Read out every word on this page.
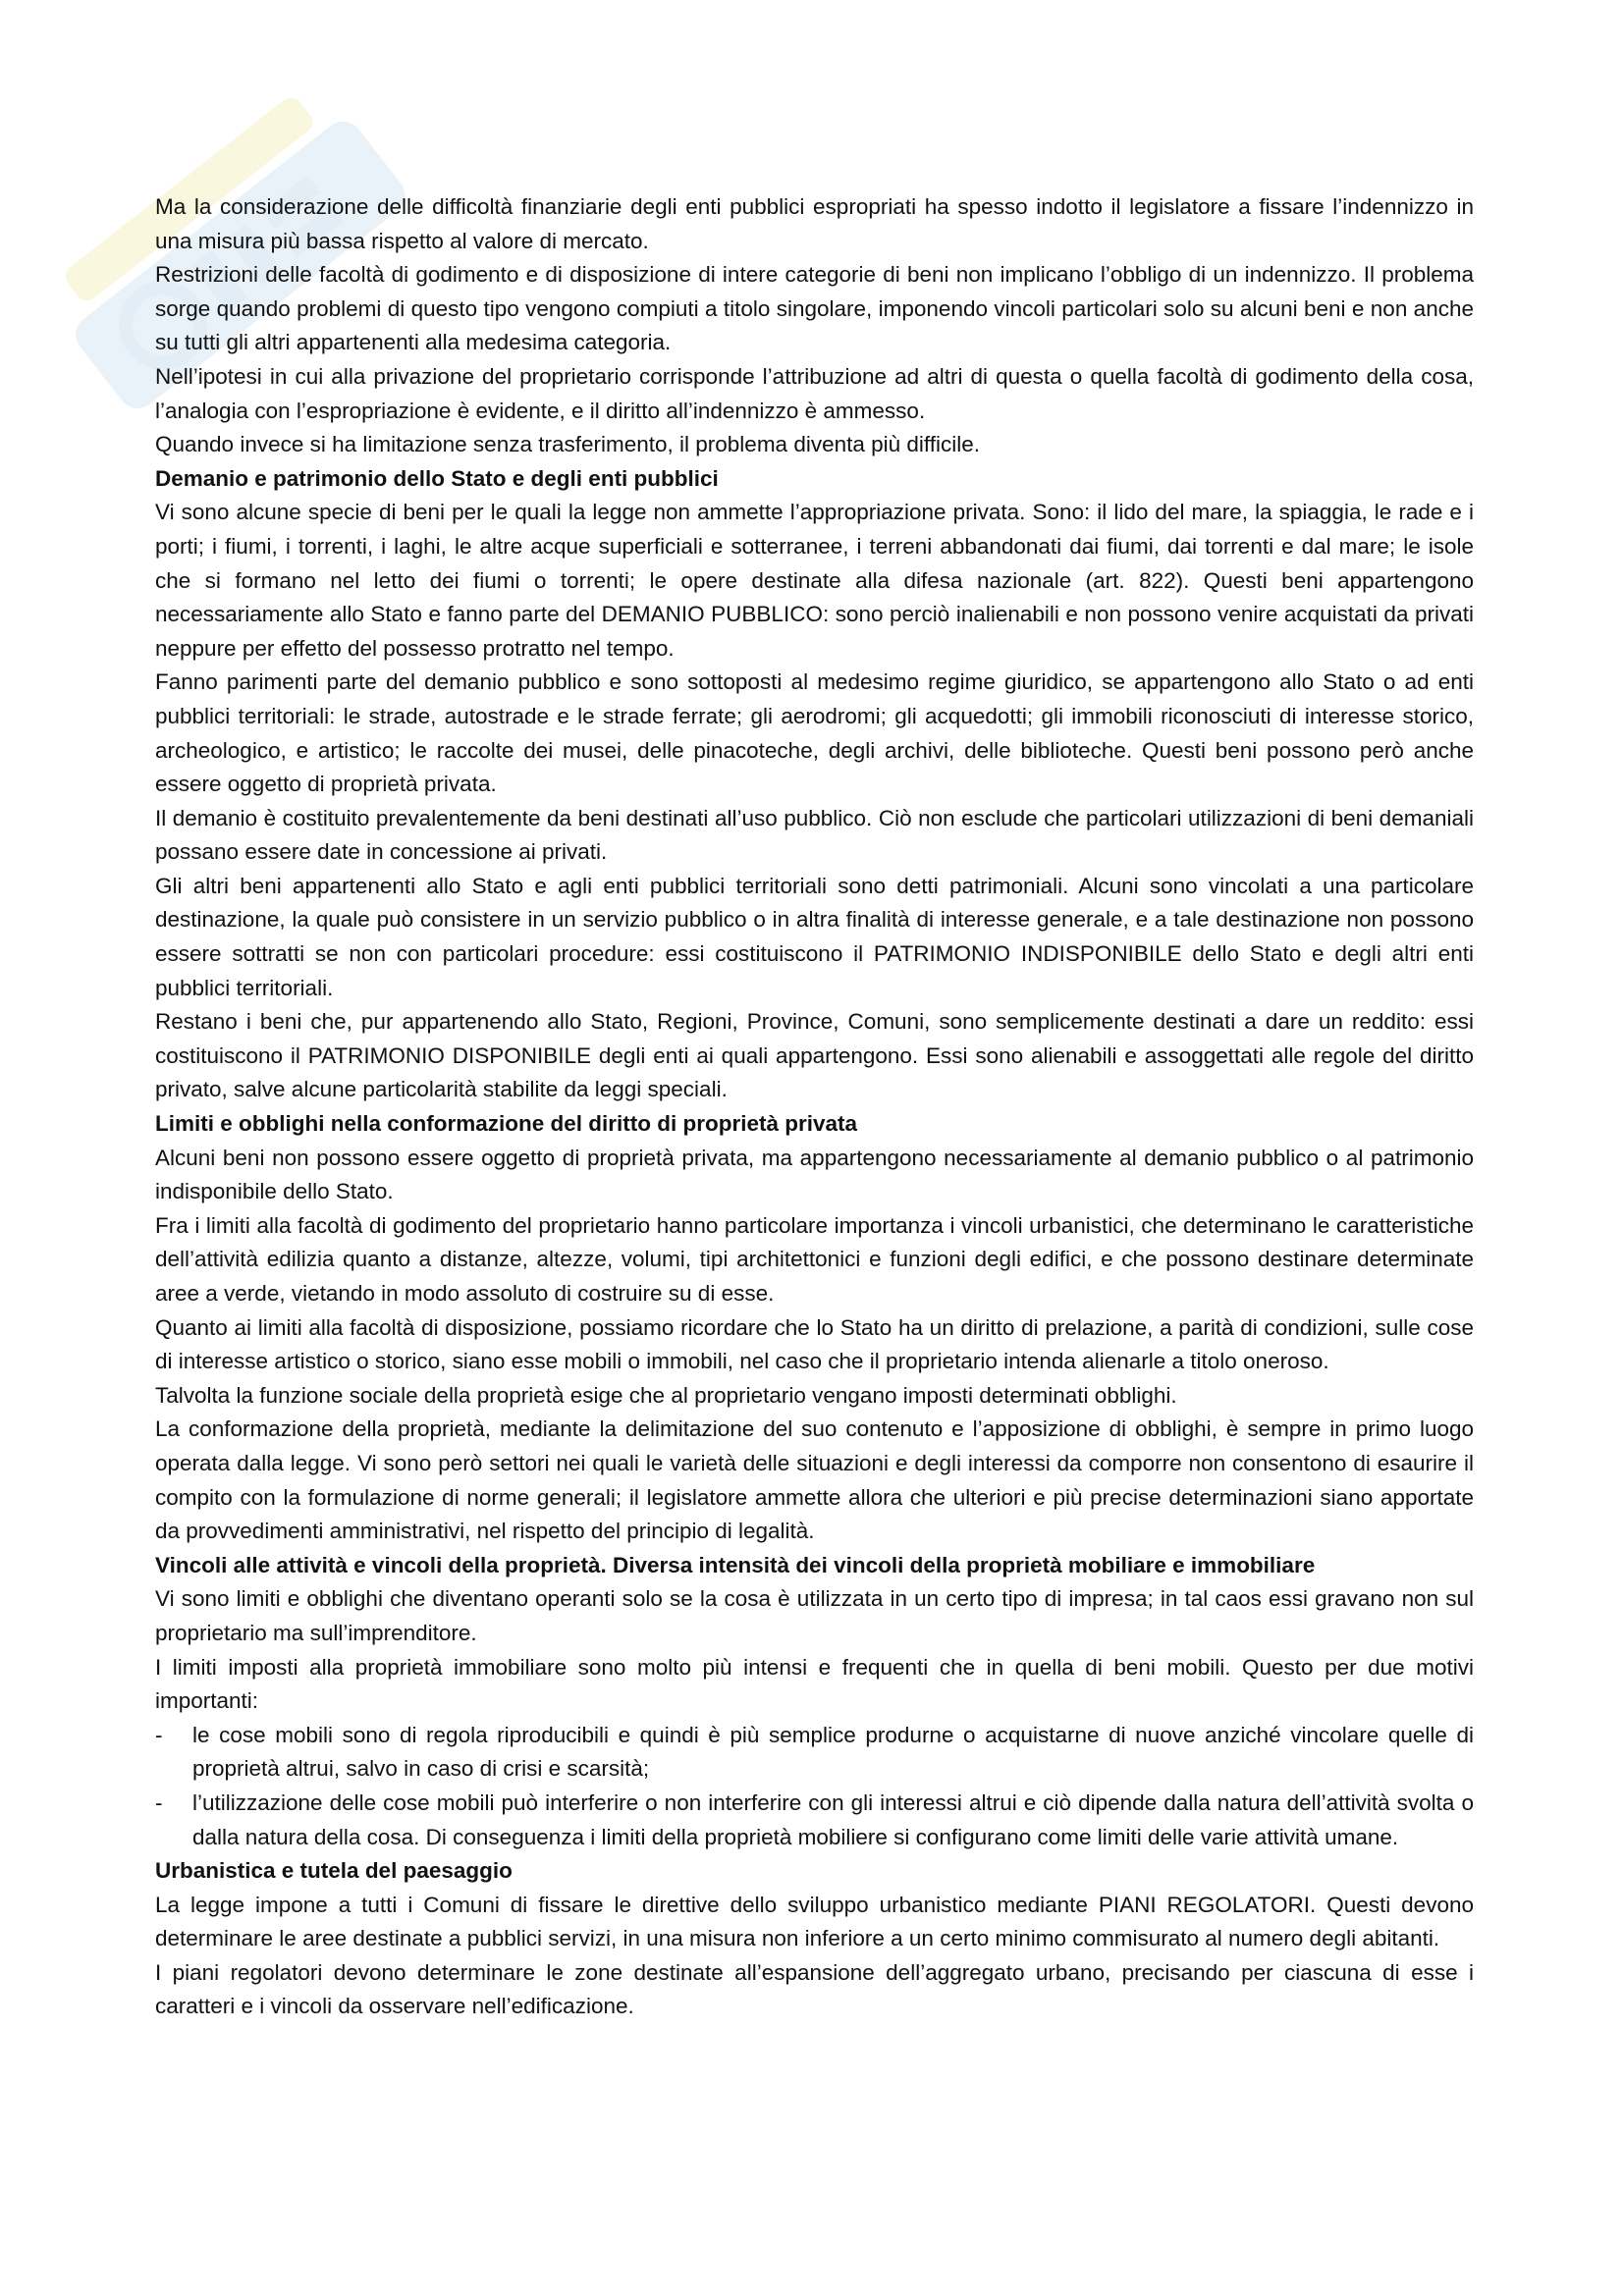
Ma la considerazione delle difficoltà finanziarie degli enti pubblici espropriati ha spesso indotto il legislatore a fissare l’indennizzo in una misura più bassa rispetto al valore di mercato.

Restrizioni delle facoltà di godimento e di disposizione di intere categorie di beni non implicano l’obbligo di un indennizzo. Il problema sorge quando problemi di questo tipo vengono compiuti a titolo singolare, imponendo vincoli particolari solo su alcuni beni e non anche su tutti gli altri appartenenti alla medesima categoria.

Nell’ipotesi in cui alla privazione del proprietario corrisponde l’attribuzione ad altri di questa o quella facoltà di godimento della cosa, l’analogia con l’espropriazione è evidente, e il diritto all’indennizzo è ammesso.

Quando invece si ha limitazione senza trasferimento, il problema diventa più difficile.

Demanio e patrimonio dello Stato e degli enti pubblici

Vi sono alcune specie di beni per le quali la legge non ammette l’appropriazione privata. Sono: il lido del mare, la spiaggia, le rade e i porti; i fiumi, i torrenti, i laghi, le altre acque superficiali e sotterranee, i terreni abbandonati dai fiumi, dai torrenti e dal mare; le isole che si formano nel letto dei fiumi o torrenti; le opere destinate alla difesa nazionale (art. 822). Questi beni appartengono necessariamente allo Stato e fanno parte del DEMANIO PUBBLICO: sono perciò inalienabili e non possono venire acquistati da privati neppure per effetto del possesso protratto nel tempo.

Fanno parimenti parte del demanio pubblico e sono sottoposti al medesimo regime giuridico, se appartengono allo Stato o ad enti pubblici territoriali: le strade, autostrade e le strade ferrate; gli aerodromi; gli acquedotti; gli immobili riconosciuti di interesse storico, archeologico, e artistico; le raccolte dei musei, delle pinacoteche, degli archivi, delle biblioteche. Questi beni possono però anche essere oggetto di proprietà privata.

Il demanio è costituito prevalentemente da beni destinati all’uso pubblico. Ciò non esclude che particolari utilizzazioni di beni demaniali possano essere date in concessione ai privati.

Gli altri beni appartenenti allo Stato e agli enti pubblici territoriali sono detti patrimoniali. Alcuni sono vincolati a una particolare destinazione, la quale può consistere in un servizio pubblico o in altra finalità di interesse generale, e a tale destinazione non possono essere sottratti se non con particolari procedure: essi costituiscono il PATRIMONIO INDISPONIBILE dello Stato e degli altri enti pubblici territoriali.

Restano i beni che, pur appartenendo allo Stato, Regioni, Province, Comuni, sono semplicemente destinati a dare un reddito: essi costituiscono il PATRIMONIO DISPONIBILE degli enti ai quali appartengono. Essi sono alienabili e assoggettati alle regole del diritto privato, salve alcune particolarità stabilite da leggi speciali.

Limiti e obblighi nella conformazione del diritto di proprietà privata

Alcuni beni non possono essere oggetto di proprietà privata, ma appartengono necessariamente al demanio pubblico o al patrimonio indisponibile dello Stato.

Fra i limiti alla facoltà di godimento del proprietario hanno particolare importanza i vincoli urbanistici, che determinano le caratteristiche dell’attività edilizia quanto a distanze, altezze, volumi, tipi architettonici e funzioni degli edifici, e che possono destinare determinate aree a verde, vietando in modo assoluto di costruire su di esse.

Quanto ai limiti alla facoltà di disposizione, possiamo ricordare che lo Stato ha un diritto di prelazione, a parità di condizioni, sulle cose di interesse artistico o storico, siano esse mobili o immobili, nel caso che il proprietario intenda alienarle a titolo oneroso.

Talvolta la funzione sociale della proprietà esige che al proprietario vengano imposti determinati obblighi.

La conformazione della proprietà, mediante la delimitazione del suo contenuto e l’apposizione di obblighi, è sempre in primo luogo operata dalla legge. Vi sono però settori nei quali le varietà delle situazioni e degli interessi da comporre non consentono di esaurire il compito con la formulazione di norme generali; il legislatore ammette allora che ulteriori e più precise determinazioni siano apportate da provvedimenti amministrativi, nel rispetto del principio di legalità.

Vincoli alle attività e vincoli della proprietà. Diversa intensità dei vincoli della proprietà mobiliare e immobiliare

Vi sono limiti e obblighi che diventano operanti solo se la cosa è utilizzata in un certo tipo di impresa; in tal caos essi gravano non sul proprietario ma sull’imprenditore.

I limiti imposti alla proprietà immobiliare sono molto più intensi e frequenti che in quella di beni mobili. Questo per due motivi importanti:

- le cose mobili sono di regola riproducibili e quindi è più semplice produrne o acquistarne di nuove anziché vincolare quelle di proprietà altrui, salvo in caso di crisi e scarsità;
- l’utilizzazione delle cose mobili può interferire o non interferire con gli interessi altrui e ciò dipende dalla natura dell’attività svolta o dalla natura della cosa. Di conseguenza i limiti della proprietà mobiliere si configurano come limiti delle varie attività umane.

Urbanistica e tutela del paesaggio

La legge impone a tutti i Comuni di fissare le direttive dello sviluppo urbanistico mediante PIANI REGOLATORI. Questi devono determinare le aree destinate a pubblici servizi, in una misura non inferiore a un certo minimo commisurato al numero degli abitanti.

I piani regolatori devono determinare le zone destinate all’espansione dell’aggregato urbano, precisando per ciascuna di esse i caratteri e i vincoli da osservare nell’edificazione.
